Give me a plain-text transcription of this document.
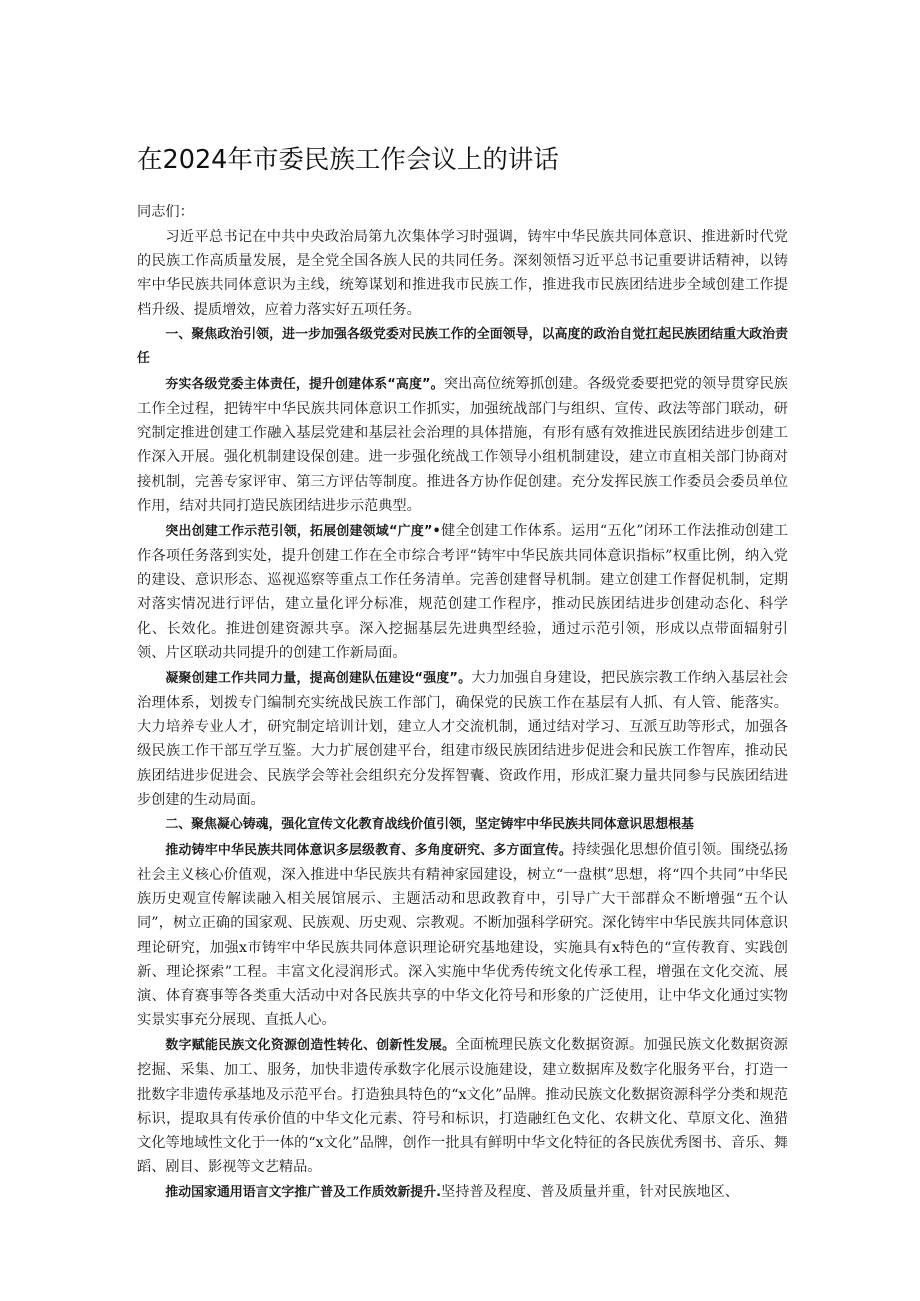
在2024年市委民族工作会议上的讲话
同志们：

习近平总书记在中共中央政治局第九次集体学习时强调，铸牢中华民族共同体意识、推进新时代党的民族工作高质量发展，是全党全国各族人民的共同任务。深刻领悟习近平总书记重要讲话精神，以铸牢中华民族共同体意识为主线，统筹谋划和推进我市民族工作，推进我市民族团结进步全域创建工作提档升级、提质增效，应着力落实好五项任务。

一、聚焦政治引领，进一步加强各级党委对民族工作的全面领导，以高度的政治自觉扛起民族团结重大政治责任

夯实各级党委主体责任，提升创建体系“高度”。突出高位统筹抓创建。各级党委要把党的领导贯穿民族工作全过程，把铸牢中华民族共同体意识工作抓实，加强统战部门与组织、宣传、政法等部门联动，研究制定推进创建工作融入基层党建和基层社会治理的具体措施，有形有感有效推进民族团结进步创建工作深入开展。强化机制建设保创建。进一步强化统战工作领导小组机制建设，建立市直相关部门协商对接机制，完善专家评审、第三方评估等制度。推进各方协作促创建。充分发挥民族工作委员会委员单位作用，结对共同打造民族团结进步示范典型。

突出创建工作示范引领，拓展创建领域“广度”•健全创建工作体系。运用“五化”闭环工作法推动创建工作各项任务落到实处，提升创建工作在全市综合考评“铸牢中华民族共同体意识指标”权重比例，纳入党的建设、意识形态、巡视巡察等重点工作任务清单。完善创建督导机制。建立创建工作督促机制，定期对落实情况进行评估，建立量化评分标准，规范创建工作程序，推动民族团结进步创建动态化、科学化、长效化。推进创建资源共享。深入挖掘基层先进典型经验，通过示范引领，形成以点带面辐射引领、片区联动共同提升的创建工作新局面。

凝聚创建工作共同力量，提高创建队伍建设“强度”。大力加强自身建设，把民族宗教工作纳入基层社会治理体系，划拨专门编制充实统战民族工作部门，确保党的民族工作在基层有人抓、有人管、能落实。大力培养专业人才，研究制定培训计划，建立人才交流机制，通过结对学习、互派互助等形式，加强各级民族工作干部互学互鉴。大力扩展创建平台，组建市级民族团结进步促进会和民族工作智库，推动民族团结进步促进会、民族学会等社会组织充分发挥智囊、资政作用，形成汇聚力量共同参与民族团结进步创建的生动局面。

二、聚焦凝心铸魂，强化宣传文化教育战线价值引领，坚定铸牢中华民族共同体意识思想根基

推动铸牢中华民族共同体意识多层级教育、多角度研究、多方面宣传。持续强化思想价值引领。围绕弘扬社会主义核心价值观，深入推进中华民族共有精神家园建设，树立“一盘棋”思想，将“四个共同”中华民族历史观宣传解读融入相关展馆展示、主题活动和思政教育中，引导广大干部群众不断增强“五个认同”，树立正确的国家观、民族观、历史观、宗教观。不断加强科学研究。深化铸牢中华民族共同体意识理论研究，加强x市铸牢中华民族共同体意识理论研究基地建设，实施具有x特色的“宣传教育、实践创新、理论探索”工程。丰富文化浸润形式。深入实施中华优秀传统文化传承工程，增强在文化交流、展演、体育赛事等各类重大活动中对各民族共享的中华文化符号和形象的广泛使用，让中华文化通过实物实景实事充分展现、直抵人心。

数字赋能民族文化资源创造性转化、创新性发展。全面梳理民族文化数据资源。加强民族文化数据资源挖掘、采集、加工、服务，加快非遗传承数字化展示设施建设，建立数据库及数字化服务平台，打造一批数字非遗传承基地及示范平台。打造独具特色的“x文化”品牌。推动民族文化数据资源科学分类和规范标识，提取具有传承价值的中华文化元素、符号和标识，打造融红色文化、农耕文化、草原文化、渔猎文化等地域性文化于一体的“x文化”品牌，创作一批具有鲜明中华文化特征的各民族优秀图书、音乐、舞蹈、剧目、影视等文艺精品。

推动国家通用语言文字推广普及工作质效新提升.坚持普及程度、普及质量并重，针对民族地区、
